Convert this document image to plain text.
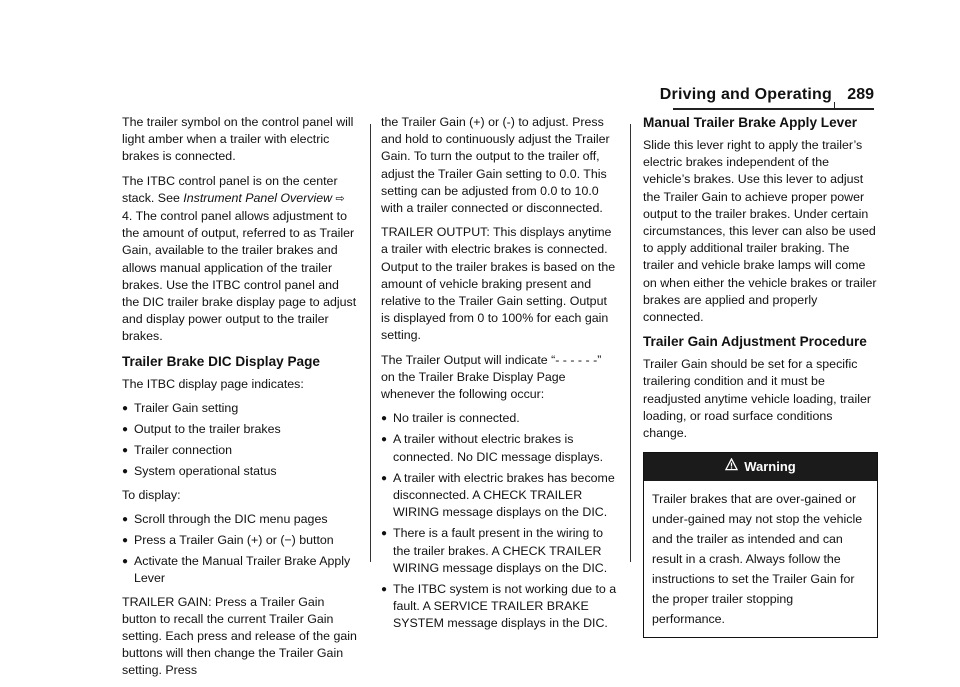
Driving and Operating 289

The trailer symbol on the control panel will light amber when a trailer with electric brakes is connected.

The ITBC control panel is on the center stack. See Instrument Panel Overview ⇨ 4. The control panel allows adjustment to the amount of output, referred to as Trailer Gain, available to the trailer brakes and allows manual application of the trailer brakes. Use the ITBC control panel and the DIC trailer brake display page to adjust and display power output to the trailer brakes.

Trailer Brake DIC Display Page

The ITBC display page indicates:

● Trailer Gain setting
● Output to the trailer brakes
● Trailer connection
● System operational status

To display:

● Scroll through the DIC menu pages
● Press a Trailer Gain (+) or (−) button
● Activate the Manual Trailer Brake Apply Lever

TRAILER GAIN: Press a Trailer Gain button to recall the current Trailer Gain setting. Each press and release of the gain buttons will then change the Trailer Gain setting. Press

the Trailer Gain (+) or (-) to adjust. Press and hold to continuously adjust the Trailer Gain. To turn the output to the trailer off, adjust the Trailer Gain setting to 0.0. This setting can be adjusted from 0.0 to 10.0 with a trailer connected or disconnected.

TRAILER OUTPUT: This displays anytime a trailer with electric brakes is connected. Output to the trailer brakes is based on the amount of vehicle braking present and relative to the Trailer Gain setting. Output is displayed from 0 to 100% for each gain setting.

The Trailer Output will indicate “- - - - - -” on the Trailer Brake Display Page whenever the following occur:

● No trailer is connected.
● A trailer without electric brakes is connected. No DIC message displays.
● A trailer with electric brakes has become disconnected. A CHECK TRAILER WIRING message displays on the DIC.
● There is a fault present in the wiring to the trailer brakes. A CHECK TRAILER WIRING message displays on the DIC.
● The ITBC system is not working due to a fault. A SERVICE TRAILER BRAKE SYSTEM message displays in the DIC.
Manual Trailer Brake Apply Lever

Slide this lever right to apply the trailer’s electric brakes independent of the vehicle’s brakes. Use this lever to adjust the Trailer Gain to achieve proper power output to the trailer brakes. Under certain circumstances, this lever can also be used to apply additional trailer braking. The trailer and vehicle brake lamps will come on when either the vehicle brakes or trailer brakes are applied and properly connected.

Trailer Gain Adjustment Procedure

Trailer Gain should be set for a specific trailering condition and it must be readjusted anytime vehicle loading, trailer loading, or road surface conditions change.

Warning
Trailer brakes that are over-gained or under-gained may not stop the vehicle and the trailer as intended and can result in a crash. Always follow the instructions to set the Trailer Gain for the proper trailer stopping performance.
